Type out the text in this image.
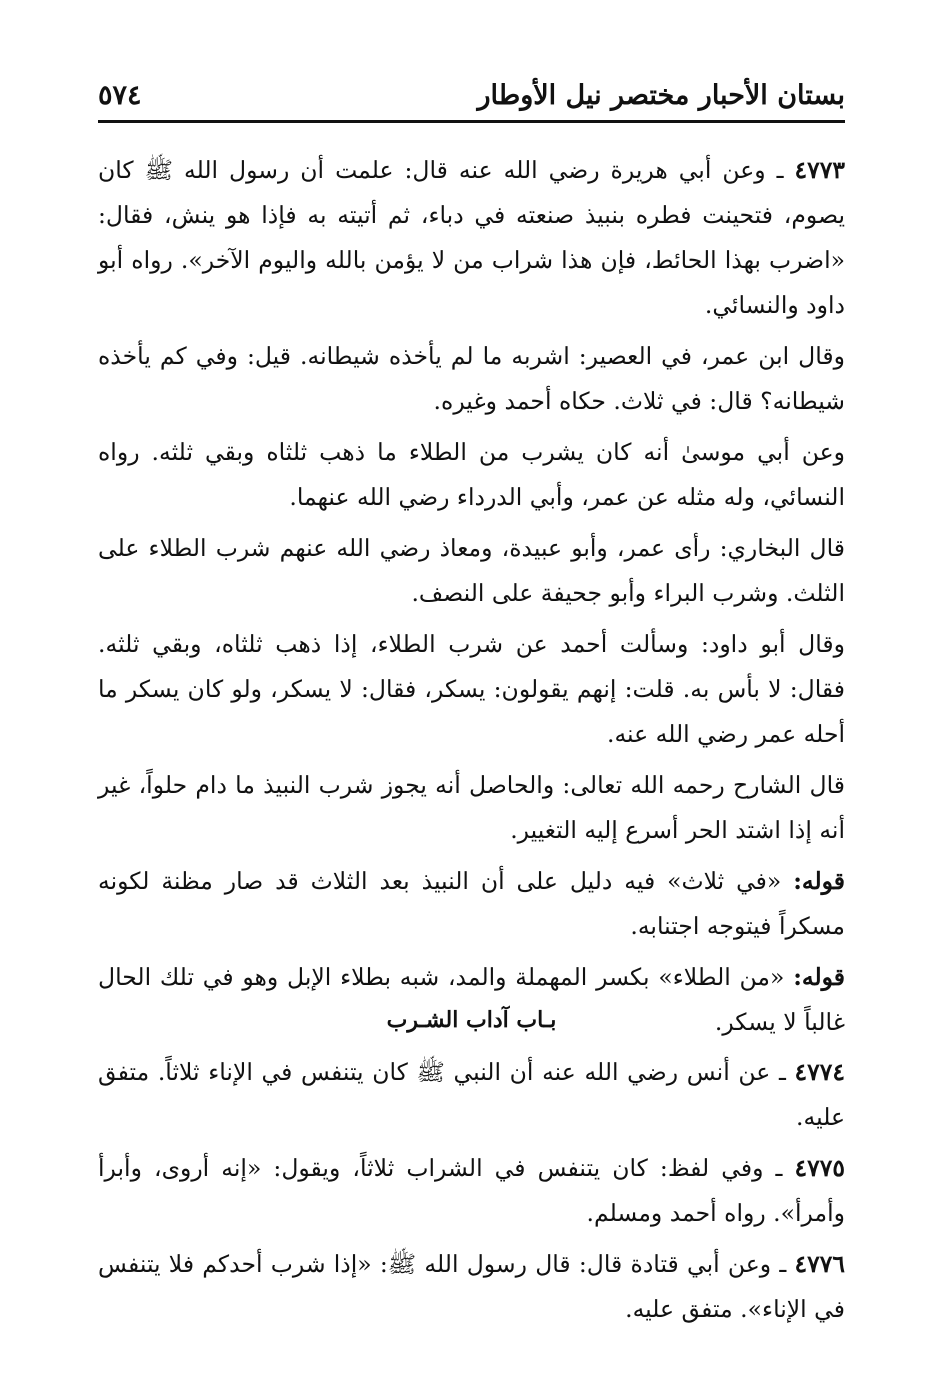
بستان الأحبار مختصر نيل الأوطار
٥٧٤

٤٧٧٣ ـ وعن أبي هريرة رضي الله عنه قال: علمت أن رسول الله ﷺ كان يصوم، فتحينت فطره بنبيذ صنعته في دباء، ثم أتيته به فإذا هو ينش، فقال: «اضرب بهذا الحائط، فإن هذا شراب من لا يؤمن بالله واليوم الآخر». رواه أبو داود والنسائي.

وقال ابن عمر، في العصير: اشربه ما لم يأخذه شيطانه. قيل: وفي كم يأخذه شيطانه؟ قال: في ثلاث. حكاه أحمد وغيره.

وعن أبي موسىٰ أنه كان يشرب من الطلاء ما ذهب ثلثاه وبقي ثلثه. رواه النسائي، وله مثله عن عمر، وأبي الدرداء رضي الله عنهما.

قال البخاري: رأى عمر، وأبو عبيدة، ومعاذ رضي الله عنهم شرب الطلاء على الثلث. وشرب البراء وأبو جحيفة على النصف.

وقال أبو داود: وسألت أحمد عن شرب الطلاء، إذا ذهب ثلثاه، وبقي ثلثه. فقال: لا بأس به. قلت: إنهم يقولون: يسكر، فقال: لا يسكر، ولو كان يسكر ما أحله عمر رضي الله عنه.

قال الشارح رحمه الله تعالى: والحاصل أنه يجوز شرب النبيذ ما دام حلواً، غير أنه إذا اشتد الحر أسرع إليه التغيير.

قوله: «في ثلاث» فيه دليل على أن النبيذ بعد الثلاث قد صار مظنة لكونه مسكراً فيتوجه اجتنابه.

قوله: «من الطلاء» بكسر المهملة والمد، شبه بطلاء الإبل وهو في تلك الحال غالباً لا يسكر.

بـاب آداب الشـرب

٤٧٧٤ ـ عن أنس رضي الله عنه أن النبي ﷺ كان يتنفس في الإناء ثلاثاً. متفق عليه.

٤٧٧٥ ـ وفي لفظ: كان يتنفس في الشراب ثلاثاً، ويقول: «إنه أروى، وأبرأ وأمرأ». رواه أحمد ومسلم.

٤٧٧٦ ـ وعن أبي قتادة قال: قال رسول الله ﷺ: «إذا شرب أحدكم فلا يتنفس في الإناء». متفق عليه.
